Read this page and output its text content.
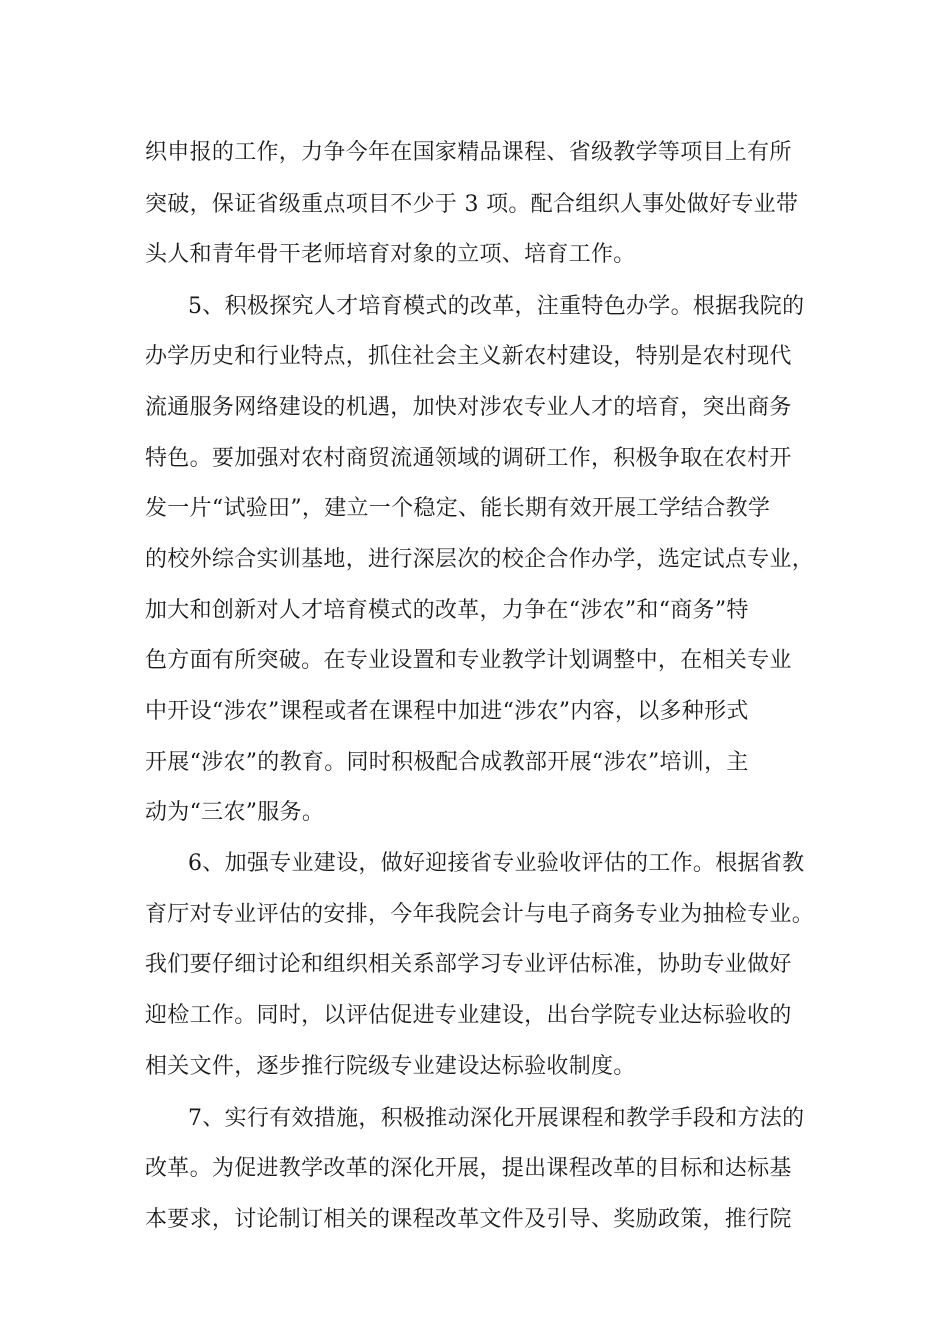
织申报的工作，力争今年在国家精品课程、省级教学等项目上有所
突破，保证省级重点项目不少于 3 项。配合组织人事处做好专业带
头人和青年骨干老师培育对象的立项、培育工作。
5、积极探究人才培育模式的改革，注重特色办学。根据我院的
办学历史和行业特点，抓住社会主义新农村建设，特别是农村现代
流通服务网络建设的机遇，加快对涉农专业人才的培育，突出商务
特色。要加强对农村商贸流通领域的调研工作，积极争取在农村开
发一片“试验田”，建立一个稳定、能长期有效开展工学结合教学
的校外综合实训基地，进行深层次的校企合作办学，选定试点专业，
加大和创新对人才培育模式的改革，力争在“涉农”和“商务”特
色方面有所突破。在专业设置和专业教学计划调整中，在相关专业
中开设“涉农”课程或者在课程中加进“涉农”内容，以多种形式
开展“涉农”的教育。同时积极配合成教部开展“涉农”培训，主
动为“三农”服务。
6、加强专业建设，做好迎接省专业验收评估的工作。根据省教
育厅对专业评估的安排，今年我院会计与电子商务专业为抽检专业。
我们要仔细讨论和组织相关系部学习专业评估标准，协助专业做好
迎检工作。同时，以评估促进专业建设，出台学院专业达标验收的
相关文件，逐步推行院级专业建设达标验收制度。
7、实行有效措施，积极推动深化开展课程和教学手段和方法的
改革。为促进教学改革的深化开展，提出课程改革的目标和达标基
本要求，讨论制订相关的课程改革文件及引导、奖励政策，推行院
